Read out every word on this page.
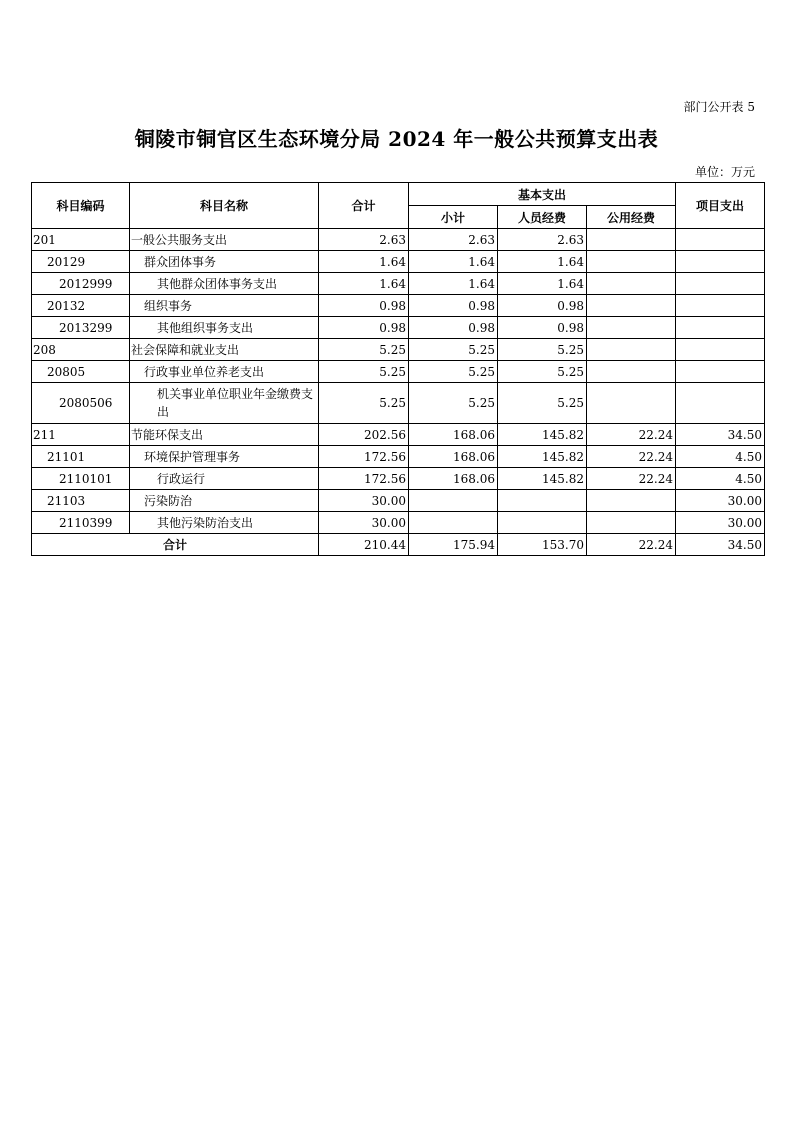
部门公开表 5
铜陵市铜官区生态环境分局 2024 年一般公共预算支出表
单位：万元
科目编码	科目名称	合计	基本支出			项目支出
			小计	人员经费	公用经费	
201	一般公共服务支出	2.63	2.63	2.63		
20129	群众团体事务	1.64	1.64	1.64		
2012999	其他群众团体事务支出	1.64	1.64	1.64		
20132	组织事务	0.98	0.98	0.98		
2013299	其他组织事务支出	0.98	0.98	0.98		
208	社会保障和就业支出	5.25	5.25	5.25		
20805	行政事业单位养老支出	5.25	5.25	5.25		
2080506	机关事业单位职业年金缴费支出	5.25	5.25	5.25		
211	节能环保支出	202.56	168.06	145.82	22.24	34.50
21101	环境保护管理事务	172.56	168.06	145.82	22.24	4.50
2110101	行政运行	172.56	168.06	145.82	22.24	4.50
21103	污染防治	30.00				30.00
2110399	其他污染防治支出	30.00				30.00
合计		210.44	175.94	153.70	22.24	34.50
